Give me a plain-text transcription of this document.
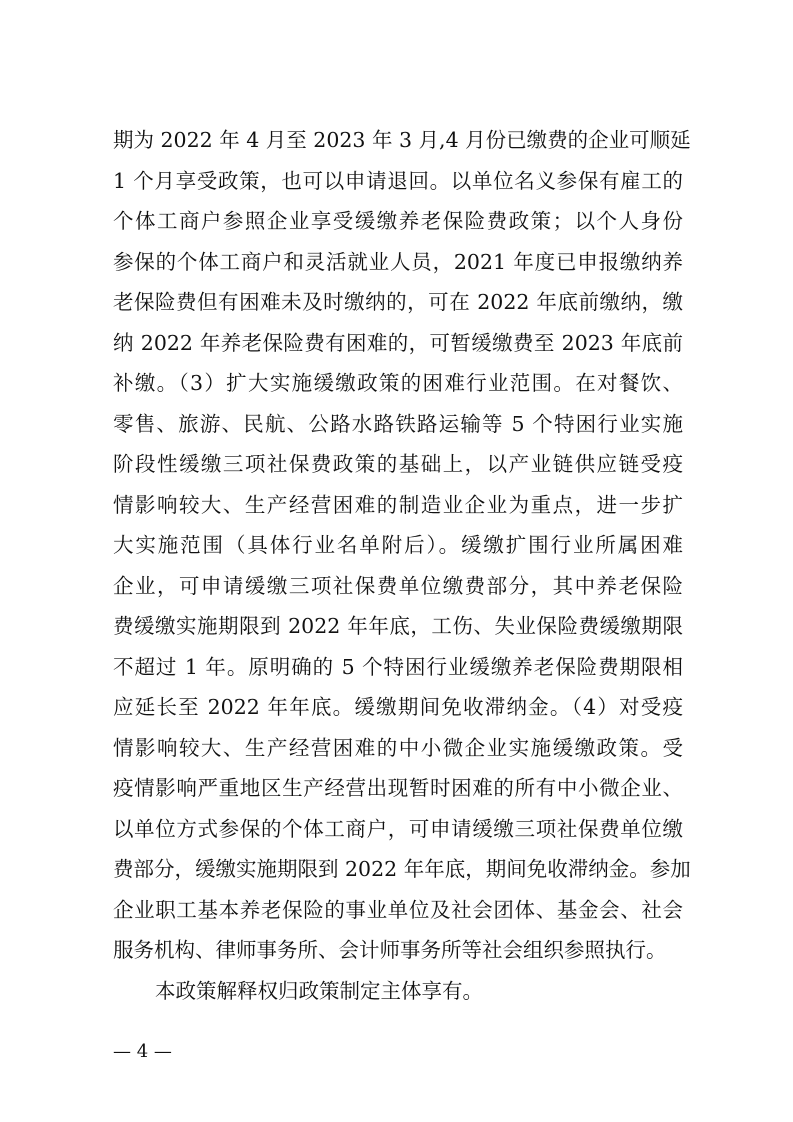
期为 2022 年 4 月至 2023 年 3 月,4 月份已缴费的企业可顺延
1 个月享受政策，也可以申请退回。以单位名义参保有雇工的
个体工商户参照企业享受缓缴养老保险费政策；以个人身份
参保的个体工商户和灵活就业人员，2021 年度已申报缴纳养
老保险费但有困难未及时缴纳的，可在 2022 年底前缴纳，缴
纳 2022 年养老保险费有困难的，可暂缓缴费至 2023 年底前
补缴。（3）扩大实施缓缴政策的困难行业范围。在对餐饮、
零售、旅游、民航、公路水路铁路运输等 5 个特困行业实施
阶段性缓缴三项社保费政策的基础上，以产业链供应链受疫
情影响较大、生产经营困难的制造业企业为重点，进一步扩
大实施范围（具体行业名单附后）。缓缴扩围行业所属困难
企业，可申请缓缴三项社保费单位缴费部分，其中养老保险
费缓缴实施期限到 2022 年年底，工伤、失业保险费缓缴期限
不超过 1 年。原明确的 5 个特困行业缓缴养老保险费期限相
应延长至 2022 年年底。缓缴期间免收滞纳金。（4）对受疫
情影响较大、生产经营困难的中小微企业实施缓缴政策。受
疫情影响严重地区生产经营出现暂时困难的所有中小微企业、
以单位方式参保的个体工商户，可申请缓缴三项社保费单位缴
费部分，缓缴实施期限到 2022 年年底，期间免收滞纳金。参加
企业职工基本养老保险的事业单位及社会团体、基金会、社会
服务机构、律师事务所、会计师事务所等社会组织参照执行。
本政策解释权归政策制定主体享有。
— 4 —
